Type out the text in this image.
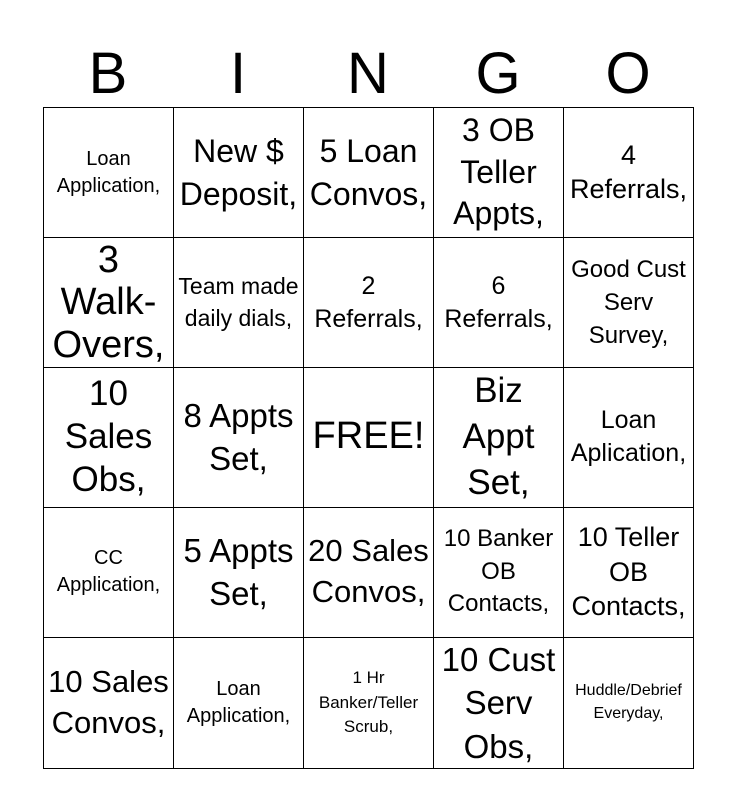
B	I	N	G	O
Loan Application,	New $ Deposit,	5 Loan Convos,	3 OB Teller Appts,	4 Referrals,
3 Walk-Overs,	Team made daily dials,	2 Referrals,	6 Referrals,	Good Cust Serv Survey,
10 Sales Obs,	8 Appts Set,	FREE!	Biz Appt Set,	Loan Aplication,
CC Application,	5 Appts Set,	20 Sales Convos,	10 Banker OB Contacts,	10 Teller OB Contacts,
10 Sales Convos,	Loan Application,	1 Hr Banker/Teller Scrub,	10 Cust Serv Obs,	Huddle/Debrief Everyday,
